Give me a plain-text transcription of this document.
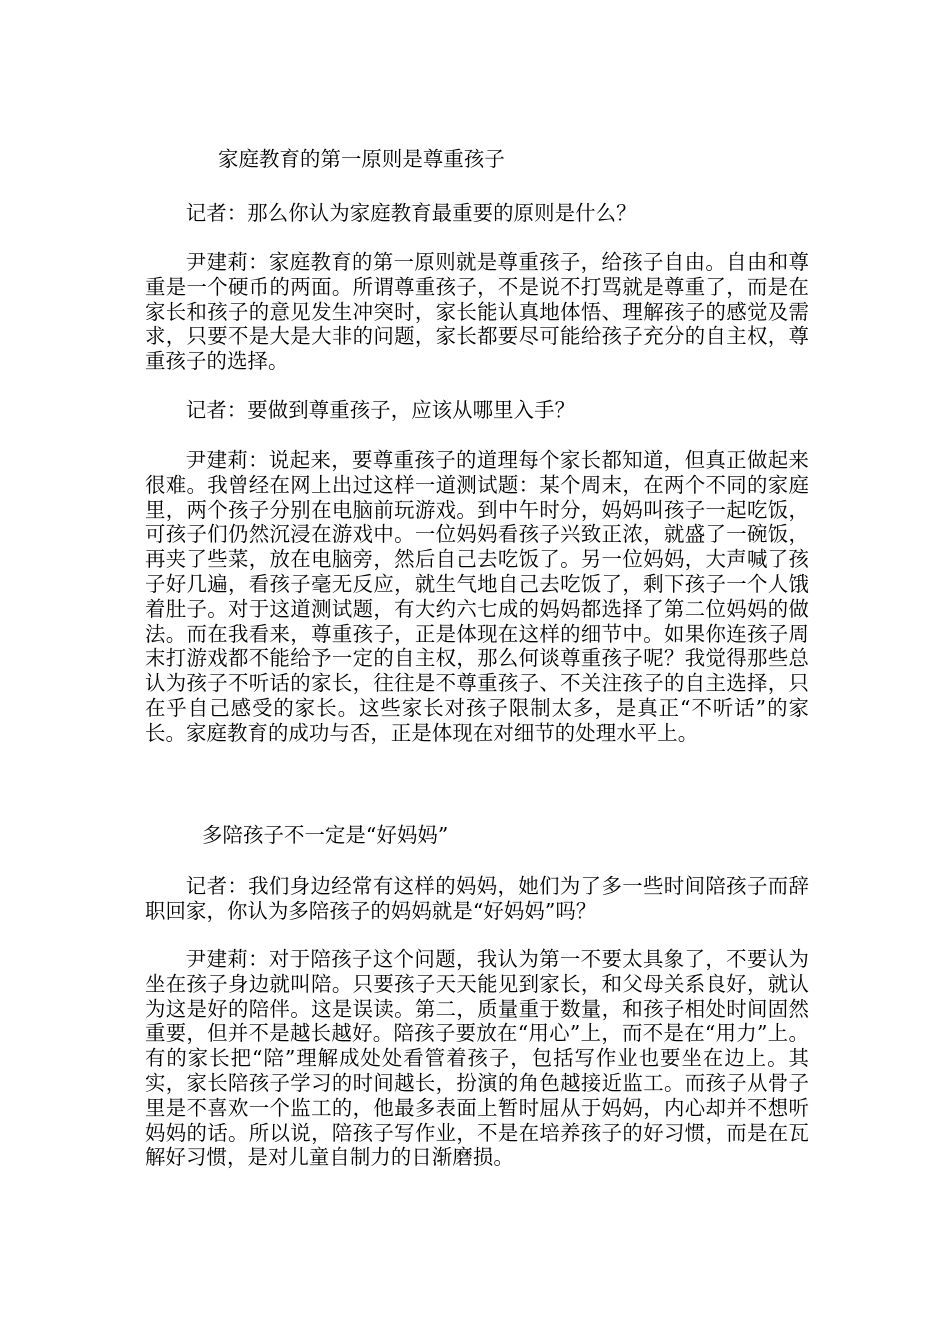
家庭教育的第一原则是尊重孩子

记者：那么你认为家庭教育最重要的原则是什么？

尹建莉：家庭教育的第一原则就是尊重孩子，给孩子自由。自由和尊重是一个硬币的两面。所谓尊重孩子，不是说不打骂就是尊重了，而是在家长和孩子的意见发生冲突时，家长能认真地体悟、理解孩子的感觉及需求，只要不是大是大非的问题，家长都要尽可能给孩子充分的自主权，尊重孩子的选择。

记者：要做到尊重孩子，应该从哪里入手？

尹建莉：说起来，要尊重孩子的道理每个家长都知道，但真正做起来很难。我曾经在网上出过这样一道测试题：某个周末，在两个不同的家庭里，两个孩子分别在电脑前玩游戏。到中午时分，妈妈叫孩子一起吃饭，可孩子们仍然沉浸在游戏中。一位妈妈看孩子兴致正浓，就盛了一碗饭，再夹了些菜，放在电脑旁，然后自己去吃饭了。另一位妈妈，大声喊了孩子好几遍，看孩子毫无反应，就生气地自己去吃饭了，剩下孩子一个人饿着肚子。对于这道测试题，有大约六七成的妈妈都选择了第二位妈妈的做法。而在我看来，尊重孩子，正是体现在这样的细节中。如果你连孩子周末打游戏都不能给予一定的自主权，那么何谈尊重孩子呢？我觉得那些总认为孩子不听话的家长，往往是不尊重孩子、不关注孩子的自主选择，只在乎自己感受的家长。这些家长对孩子限制太多，是真正“不听话”的家长。家庭教育的成功与否，正是体现在对细节的处理水平上。

多陪孩子不一定是“好妈妈”

记者：我们身边经常有这样的妈妈，她们为了多一些时间陪孩子而辞职回家，你认为多陪孩子的妈妈就是“好妈妈”吗？

尹建莉：对于陪孩子这个问题，我认为第一不要太具象了，不要认为坐在孩子身边就叫陪。只要孩子天天能见到家长，和父母关系良好，就认为这是好的陪伴。这是误读。第二，质量重于数量，和孩子相处时间固然重要，但并不是越长越好。陪孩子要放在“用心”上，而不是在“用力”上。有的家长把“陪”理解成处处看管着孩子，包括写作业也要坐在边上。其实，家长陪孩子学习的时间越长，扮演的角色越接近监工。而孩子从骨子里是不喜欢一个监工的，他最多表面上暂时屈从于妈妈，内心却并不想听妈妈的话。所以说，陪孩子写作业，不是在培养孩子的好习惯，而是在瓦解好习惯，是对儿童自制力的日渐磨损。
